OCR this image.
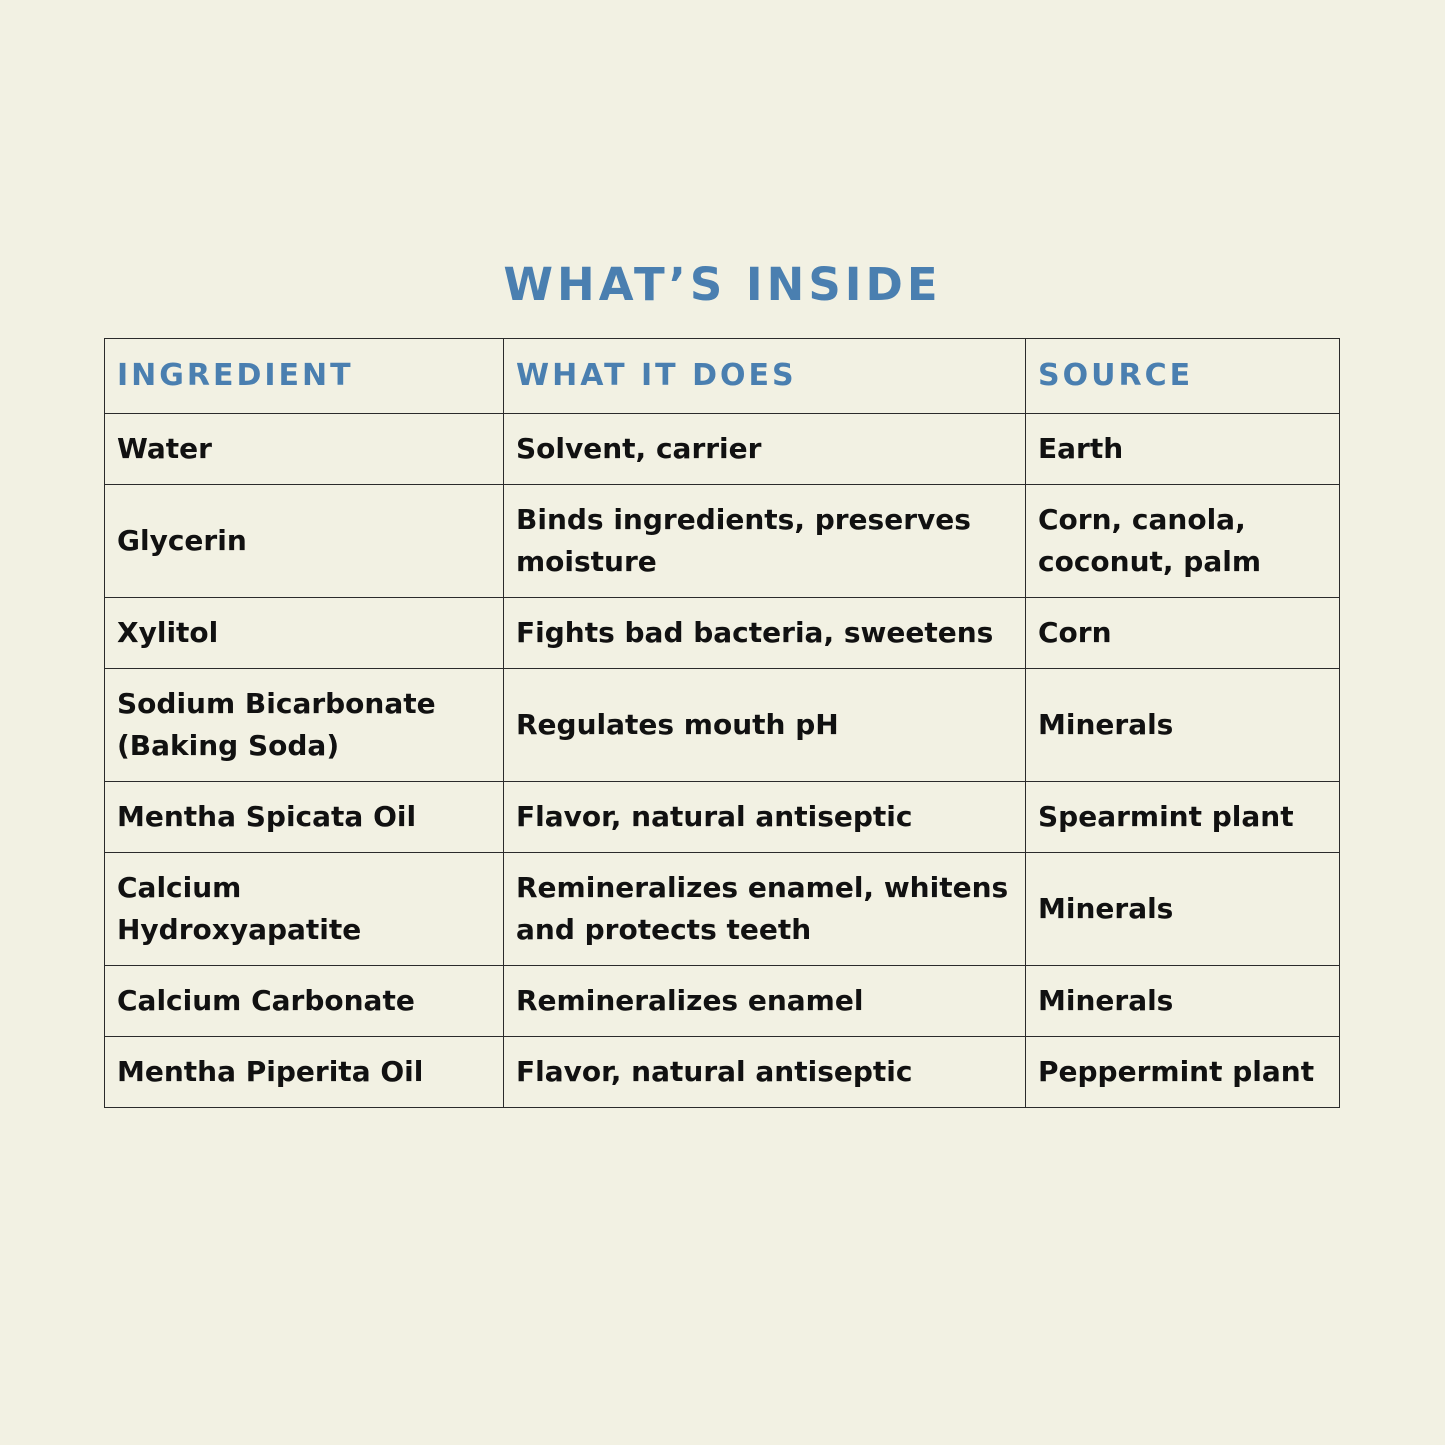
WHAT’S INSIDE
INGREDIENT	WHAT IT DOES	SOURCE
Water	Solvent, carrier	Earth
Glycerin	Binds ingredients, preserves moisture	Corn, canola, coconut, palm
Xylitol	Fights bad bacteria, sweetens	Corn
Sodium Bicarbonate (Baking Soda)	Regulates mouth pH	Minerals
Mentha Spicata Oil	Flavor, natural antiseptic	Spearmint plant
Calcium Hydroxyapatite	Remineralizes enamel, whitens and protects teeth	Minerals
Calcium Carbonate	Remineralizes enamel	Minerals
Mentha Piperita Oil	Flavor, natural antiseptic	Peppermint plant
